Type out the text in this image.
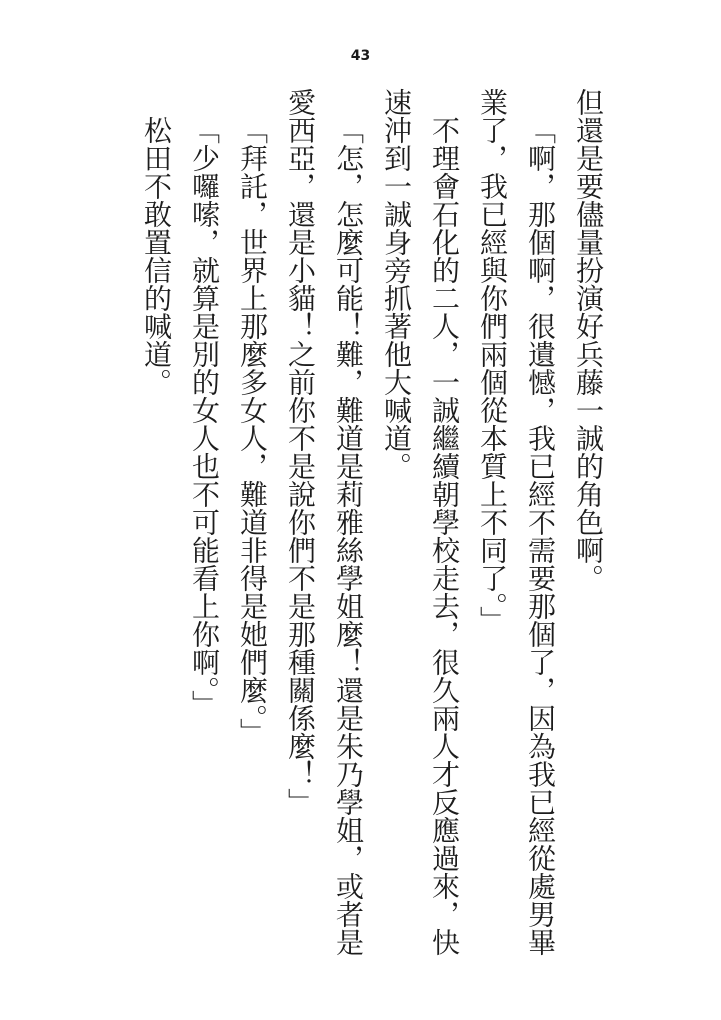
43

但還是要儘量扮演好兵藤一誠的角色啊。

「啊，那個啊，很遺憾，我已經不需要那個了，因為我已經從處男畢業了，我已經與你們兩個從本質上不同了。」

不理會石化的二人，一誠繼續朝學校走去，很久兩人才反應過來，快速沖到一誠身旁抓著他大喊道。

「怎，怎麼可能！難，難道是莉雅絲學姐麼！還是朱乃學姐，或者是愛西亞，還是小貓！之前你不是說你們不是那種關係麼！」

「拜託，世界上那麼多女人，難道非得是她們麼。」

「少囉嗦，就算是別的女人也不可能看上你啊。」

松田不敢置信的喊道。
